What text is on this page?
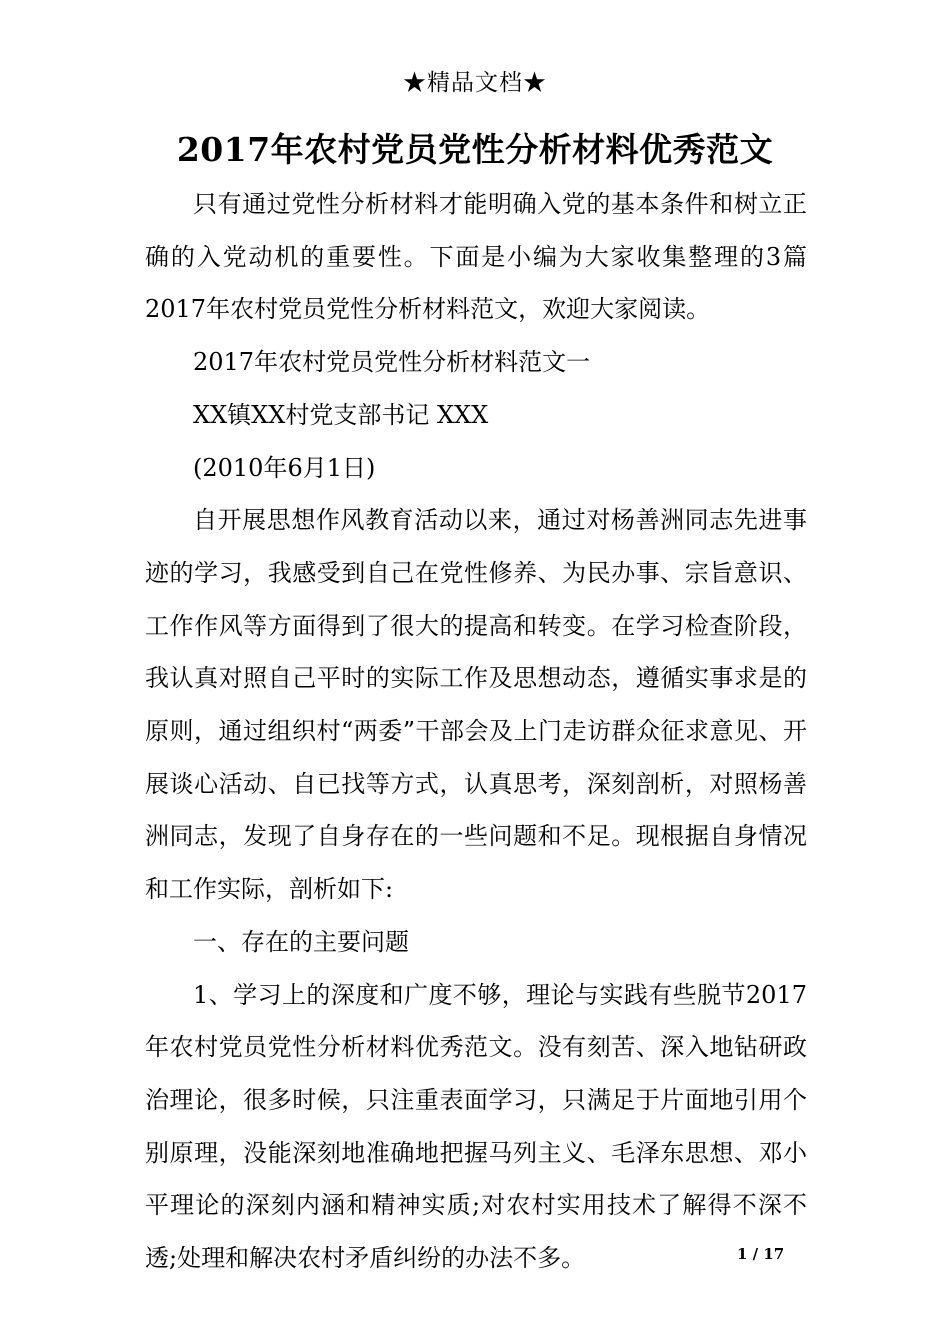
★精品文档★
2017年农村党员党性分析材料优秀范文

只有通过党性分析材料才能明确入党的基本条件和树立正确的入党动机的重要性。下面是小编为大家收集整理的3篇2017年农村党员党性分析材料范文，欢迎大家阅读。

2017年农村党员党性分析材料范文一

XX镇XX村党支部书记 XXX

(2010年6月1日)

自开展思想作风教育活动以来，通过对杨善洲同志先进事迹的学习，我感受到自己在党性修养、为民办事、宗旨意识、工作作风等方面得到了很大的提高和转变。在学习检查阶段，我认真对照自己平时的实际工作及思想动态，遵循实事求是的原则，通过组织村“两委”干部会及上门走访群众征求意见、开展谈心活动、自已找等方式，认真思考，深刻剖析，对照杨善洲同志，发现了自身存在的一些问题和不足。现根据自身情况和工作实际，剖析如下:

一、存在的主要问题

1、学习上的深度和广度不够，理论与实践有些脱节2017年农村党员党性分析材料优秀范文。没有刻苦、深入地钻研政治理论，很多时候，只注重表面学习，只满足于片面地引用个别原理，没能深刻地准确地把握马列主义、毛泽东思想、邓小平理论的深刻内涵和精神实质;对农村实用技术了解得不深不透;处理和解决农村矛盾纠纷的办法不多。	1 / 17
